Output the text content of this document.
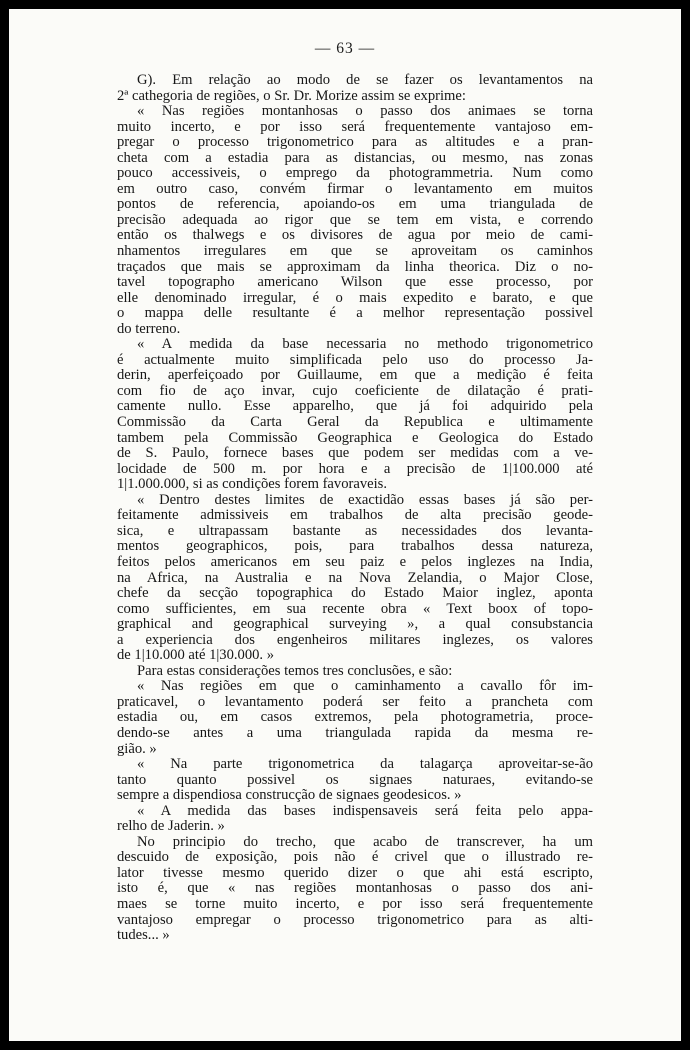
— 63 —

G). Em relação ao modo de se fazer os levantamentos na
2ª cathegoria de regiões, o Sr. Dr. Morize assim se exprime:

« Nas regiões montanhosas o passo dos animaes se torna
muito incerto, e por isso será frequentemente vantajoso em-
pregar o processo trigonometrico para as altitudes e a pran-
cheta com a estadia para as distancias, ou mesmo, nas zonas
pouco accessiveis, o emprego da photogrammetria. Num como
em outro caso, convém firmar o levantamento em muitos
pontos de referencia, apoiando-os em uma triangulada de
precisão adequada ao rigor que se tem em vista, e correndo
então os thalwegs e os divisores de agua por meio de cami-
nhamentos irregulares em que se aproveitam os caminhos
traçados que mais se approximam da linha theorica. Diz o no-
tavel topographo americano Wilson que esse processo, por
elle denominado irregular, é o mais expedito e barato, e que
o mappa delle resultante é a melhor representação possivel
do terreno.

« A medida da base necessaria no methodo trigonometrico
é actualmente muito simplificada pelo uso do processo Ja-
derin, aperfeiçoado por Guillaume, em que a medição é feita
com fio de aço invar, cujo coeficiente de dilatação é prati-
camente nullo. Esse apparelho, que já foi adquirido pela
Commissão da Carta Geral da Republica e ultimamente
tambem pela Commissão Geographica e Geologica do Estado
de S. Paulo, fornece bases que podem ser medidas com a ve-
locidade de 500 m. por hora e a precisão de 1|100.000 até
1|1.000.000, si as condições forem favoraveis.

« Dentro destes limites de exactidão essas bases já são per-
feitamente admissiveis em trabalhos de alta precisão geode-
sica, e ultrapassam bastante as necessidades dos levanta-
mentos geographicos, pois, para trabalhos dessa natureza,
feitos pelos americanos em seu paiz e pelos inglezes na India,
na Africa, na Australia e na Nova Zelandia, o Major Close,
chefe da secção topographica do Estado Maior inglez, aponta
como sufficientes, em sua recente obra « Text boox of topo-
graphical and geographical surveying », a qual consubstancia
a experiencia dos engenheiros militares inglezes, os valores
de 1|10.000 até 1|30.000. »

Para estas considerações temos tres conclusões, e são:

« Nas regiões em que o caminhamento a cavallo fôr im-
praticavel, o levantamento poderá ser feito a prancheta com
estadia ou, em casos extremos, pela photogrametria, proce-
dendo-se antes a uma triangulada rapida da mesma re-
gião. »

« Na parte trigonometrica da talagarça aproveitar-se-ão
tanto quanto possivel os signaes naturaes, evitando-se
sempre a dispendiosa construcção de signaes geodesicos. »

« A medida das bases indispensaveis será feita pelo appa-
relho de Jaderin. »

No principio do trecho, que acabo de transcrever, ha um
descuido de exposição, pois não é crivel que o illustrado re-
lator tivesse mesmo querido dizer o que ahi está escripto,
isto é, que « nas regiões montanhosas o passo dos ani-
maes se torne muito incerto, e por isso será frequentemente
vantajoso empregar o processo trigonometrico para as alti-
tudes... »
